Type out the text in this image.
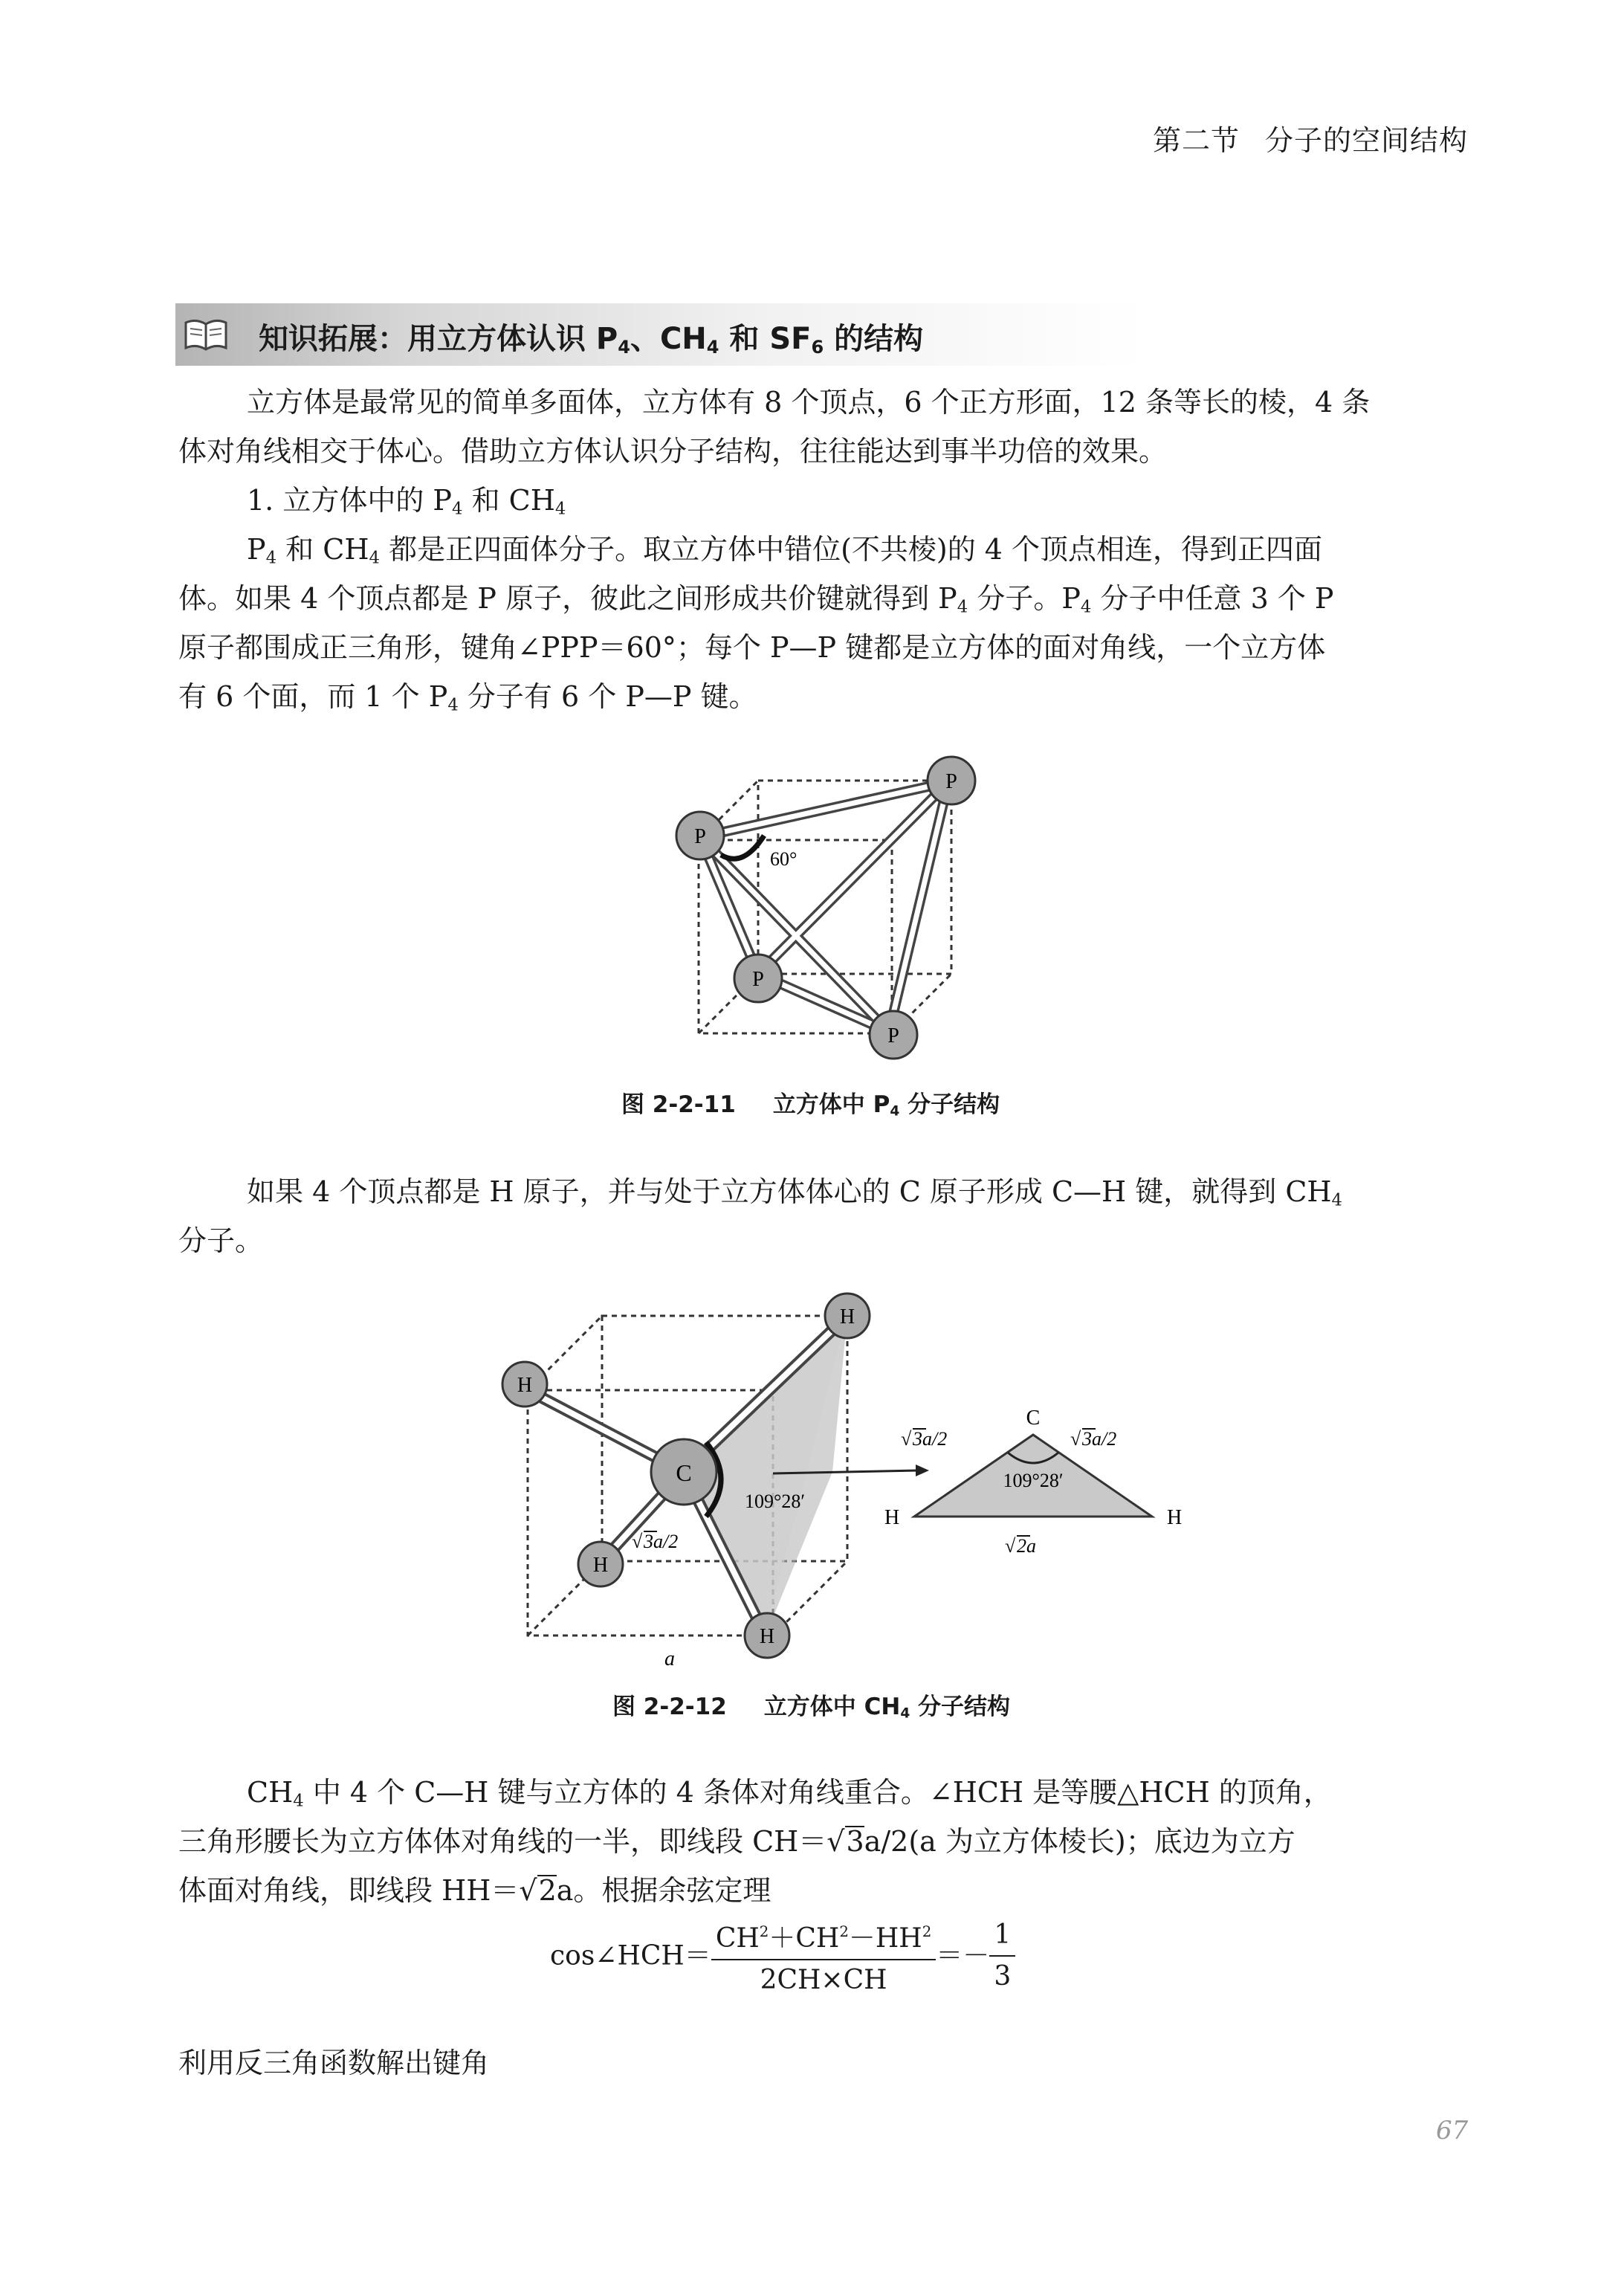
第二节 分子的空间结构
知识拓展：用立方体认识 $P_4$、$CH_4$ 和 $SF_6$ 的结构
立方体是最常见的简单多面体，立方体有 8 个顶点，6 个正方形面，12 条等长的棱，4 条
体对角线相交于体心。借助立方体认识分子结构，往往能达到事半功倍的效果。
1. 立方体中的 $P_4$ 和 $CH_4$
$P_4$ 和 $CH_4$ 都是正四面体分子。取立方体中错位(不共棱)的 4 个顶点相连，得到正四面
体。如果 4 个顶点都是 P 原子，彼此之间形成共价键就得到 $P_4$ 分子。$P_4$ 分子中任意 3 个 P
原子都围成正三角形，键角∠PPP＝60°；每个 P—P 键都是立方体的面对角线，一个立方体
有 6 个面，而 1 个 $P_4$ 分子有 6 个 P—P 键。
60°
P
P
P
P
图 2-2-11 立方体中 $P_4$ 分子结构
如果 4 个顶点都是 H 原子，并与处于立方体体心的 C 原子形成 C—H 键，就得到 $CH_4$
分子。
109°28′
√ 3a/2
a
H
H
H
H
C
C
H	H
109°28′
√ 3a/2	√ 3a/2
√ 2a
图 2-2-12 立方体中 $CH_4$ 分子结构
$CH_4$ 中 4 个 C—H 键与立方体的 4 条体对角线重合。∠HCH 是等腰△HCH 的顶角，
三角形腰长为立方体体对角线的一半，即线段 CH＝√3a/2(a 为立方体棱长)；底边为立方
体面对角线，即线段 HH＝√2a。根据余弦定理
cos∠HCH＝ $\frac{CH^2+CH^2-HH^2}{2CH\times CH} =- \frac{1}{3}$
利用反三角函数解出键角
67
